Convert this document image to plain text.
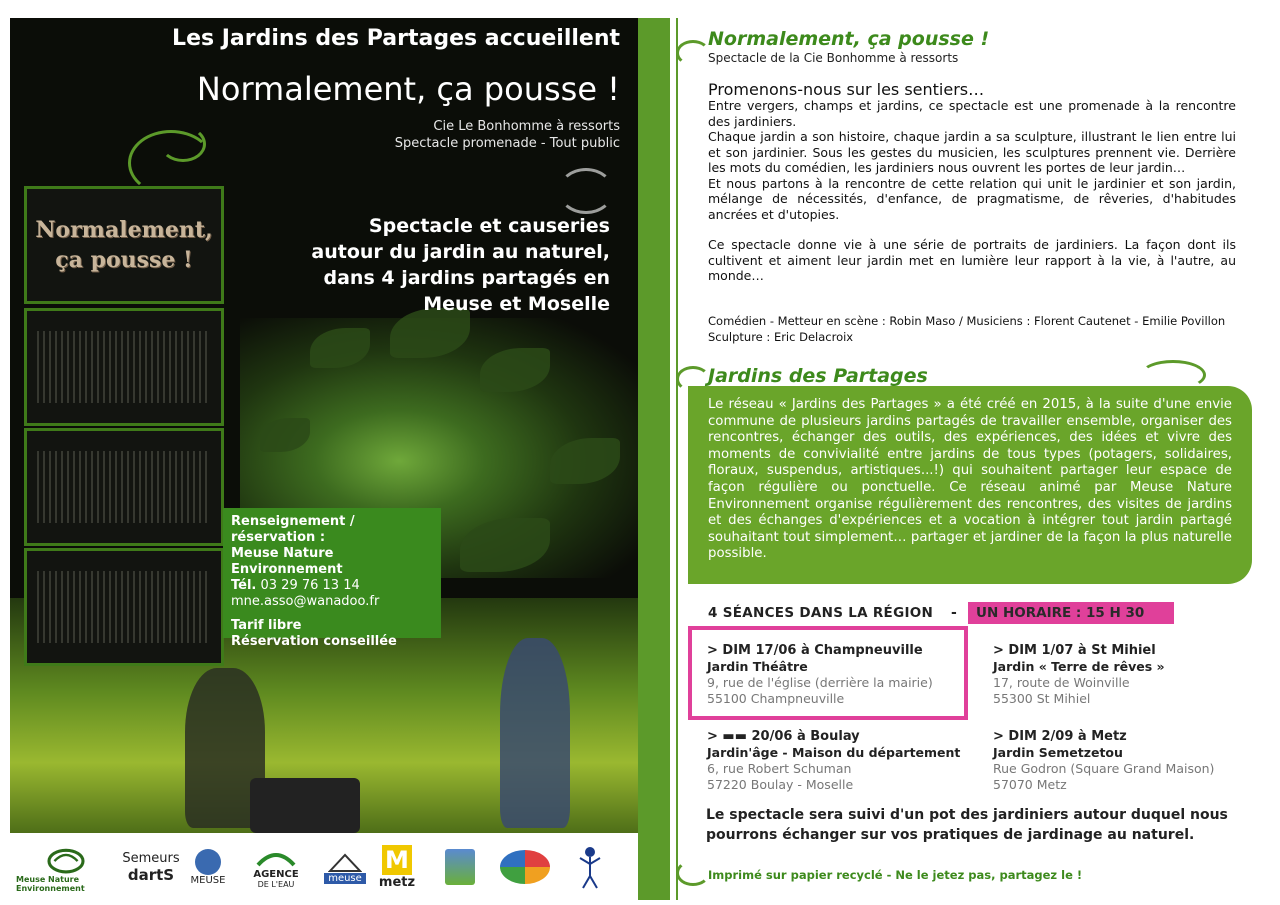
Les Jardins des Partages accueillent
Normalement, ça pousse !
Cie Le Bonhomme à ressorts
Spectacle promenade - Tout public
Normalement, ça pousse !
Spectacle et causeries
autour du jardin au naturel,
dans 4 jardins partagés en
Meuse et Moselle
Renseignement / réservation :
Meuse Nature Environnement
Tél. 03 29 76 13 14
mne.asso@wanadoo.fr
Tarif libre
Réservation conseillée
Meuse Nature Environnement
Semeurs
dartS MEUSE	AGENCE
DE L'EAU
meuse
M
metz
Normalement, ça pousse !
Spectacle de la Cie Bonhomme à ressorts
Promenons-nous sur les sentiers…
Entre vergers, champs et jardins, ce spectacle est une promenade à la rencontre des jardiniers.
Chaque jardin a son histoire, chaque jardin a sa sculpture, illustrant le lien entre lui et son jardinier. Sous les gestes du musicien, les sculptures prennent vie. Derrière les mots du comédien, les jardiniers nous ouvrent les portes de leur jardin…
Et nous partons à la rencontre de cette relation qui unit le jardinier et son jardin, mélange de nécessités, d'enfance, de pragmatisme, de rêveries, d'habitudes ancrées et d'utopies.
Ce spectacle donne vie à une série de portraits de jardiniers. La façon dont ils cultivent et aiment leur jardin met en lumière leur rapport à la vie, à l'autre, au monde…
Comédien - Metteur en scène : Robin Maso / Musiciens : Florent Cautenet - Emilie Povillon
Sculpture : Eric Delacroix
Jardins des Partages
Le réseau « Jardins des Partages » a été créé en 2015, à la suite d'une envie commune de plusieurs jardins partagés de travailler ensemble, organiser des rencontres, échanger des outils, des expériences, des idées et vivre des moments de convivialité entre jardins de tous types (potagers, solidaires, floraux, suspendus, artistiques...!) qui souhaitent partager leur espace de façon régulière ou ponctuelle. Ce réseau animé par Meuse Nature Environnement organise régulièrement des rencontres, des visites de jardins et des échanges d'expériences et a vocation à intégrer tout jardin partagé souhaitant tout simplement… partager et jardiner de la façon la plus naturelle possible.
4 SÉANCES DANS LA RÉGION -	UN HORAIRE : 15 H 30
> DIM 17/06 à Champneuville
Jardin Théâtre
9, rue de l'église (derrière la mairie)
55100 Champneuville
> DIM 1/07 à St Mihiel
Jardin « Terre de rêves »
17, route de Woinville
55300 St Mihiel
> ▬▬ 20/06 à Boulay
Jardin'âge - Maison du département
6, rue Robert Schuman
57220 Boulay - Moselle
> DIM 2/09 à Metz
Jardin Semetzetou
Rue Godron (Square Grand Maison)
57070 Metz
Le spectacle sera suivi d'un pot des jardiniers autour duquel nous pourrons échanger sur vos pratiques de jardinage au naturel.
Imprimé sur papier recyclé - Ne le jetez pas, partagez le !
